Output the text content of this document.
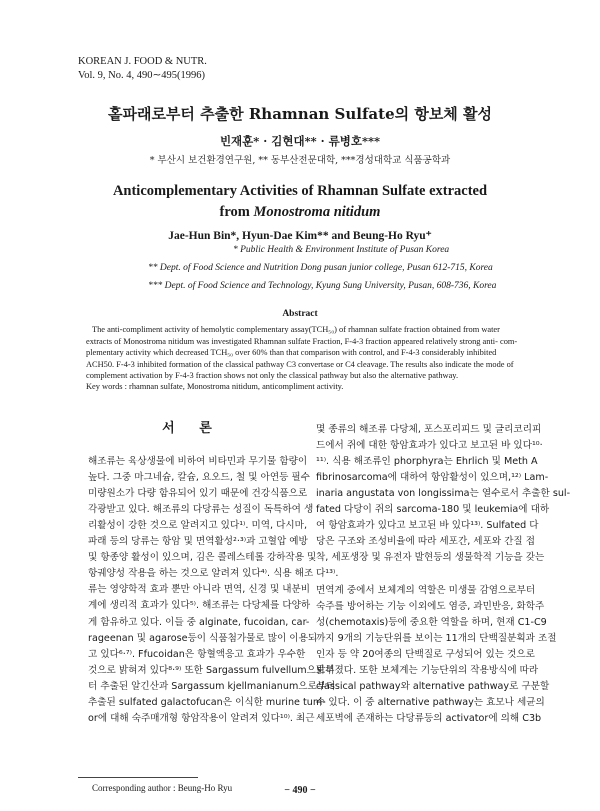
KOREAN J. FOOD & NUTR.
Vol. 9, No. 4, 490∼495(1996)
홑파래로부터 추출한 Rhamnan Sulfate의 항보체 활성
빈재훈* · 김현대** · 류병호***
* 부산시 보건환경연구원, ** 동부산전문대학, ***경성대학교 식품공학과
Anticomplementary Activities of Rhamnan Sulfate extracted
from Monostroma nitidum
Jae-Hun Bin*, Hyun-Dae Kim** and Beung-Ho Ryu⁺
* Public Health & Environment Institute of Pusan Korea
** Dept. of Food Science and Nutrition Dong pusan junior college, Pusan 612-715, Korea
*** Dept. of Food Science and Technology, Kyung Sung University, Pusan, 608-736, Korea
Abstract
The anti-compliment activity of hemolytic complementary assay(TCH₅₀) of rhamnan sulfate fraction obtained from water
extracts of Monostroma nitidum was investigated Rhamnan sulfate Fraction, F-4-3 fraction appeared relatively strong anti- com-
plementary activity which decreased TCH₅₀ over 60% than that comparison with control, and F-4-3 considerably inhibited
ACH50. F-4-3 inhibited formation of the classical pathway C3 convertase or C4 cleavage. The results also indicate the mode of
complement activation by F-4-3 fraction shows not only the classical pathway but also the alternative pathway.
Key words : rhamnan sulfate, Monostroma nitidum, anticompliment activity.
서 론
해조류는 육상생물에 비하여 비타민과 무기물 함량이
높다. 그중 마그네슘, 칼슘, 요오드, 철 및 아연등 필수
미량원소가 다량 함유되어 있기 때문에 건강식품으로
각광받고 있다. 해조류의 다당류는 성질이 독특하여 생
리활성이 강한 것으로 알려지고 있다¹⁾. 미역, 다시마,
파래 등의 당류는 항암 및 면역활성²·³⁾과 고혈압 예방
및 항종양 활성이 있으며, 김은 콜레스테롤 강하작용 및
항궤양성 작용을 하는 것으로 알려져 있다⁴⁾. 식용 해조
류는 영양학적 효과 뿐만 아니라 면역, 신경 및 내분비
계에 생리적 효과가 있다⁵⁾. 해조류는 다당체를 다양하
게 함유하고 있다. 이들 중 alginate, fucoidan, car-
rageenan 및 agarose등이 식품첨가물로 많이 이용되
고 있다⁶·⁷⁾. Ffucoidan은 항혈액응고 효과가 우수한
것으로 밝혀져 있다⁸·⁹⁾ 또한 Sargassum fulvellum으로부
터 추출된 알긴산과 Sargassum kjellmanianum으로부터
추출된 sulfated galactofucan은 이식한 murine tum-
or에 대해 숙주매개형 항암작용이 알려져 있다¹⁰⁾. 최근
몇 종류의 해조류 다당체, 포스포리피드 및 글리코리피
드에서 쥐에 대한 항암효과가 있다고 보고된 바 있다¹⁰·
¹¹⁾. 식용 해조류인 phorphyra는 Ehrlich 및 Meth A
fibrinosarcoma에 대하여 항암활성이 있으며,¹²⁾ Lam-
inaria angustata von longissima는 열수로서 추출한 sul-
fated 다당이 쥐의 sarcoma-180 및 leukemia에 대하
여 항암효과가 있다고 보고된 바 있다¹³⁾. Sulfated 다
당은 구조와 조성비율에 따라 세포간, 세포와 간질 접
착, 세포생장 및 유전자 발현등의 생물학적 기능을 갖는
다¹³⁾.
면역계 중에서 보체계의 역할은 미생물 감염으로부터
숙주를 방어하는 기능 이외에도 염증, 과민반응, 화학주
성(chemotaxis)등에 중요한 역할을 하며, 현재 C1-C9
까지 9개의 기능단위를 보이는 11개의 단백질분획과 조절
인자 등 약 20여종의 단백질로 구성되어 있는 것으로
밝혀졌다. 또한 보체계는 기능단위의 작용방식에 따라
classical pathway와 alternative pathway로 구분할
수 있다. 이 중 alternative pathway는 효모나 세균의
세포벽에 존재하는 다당류등의 activator에 의해 C3b
Corresponding author : Beung-Ho Ryu	− 490 −
